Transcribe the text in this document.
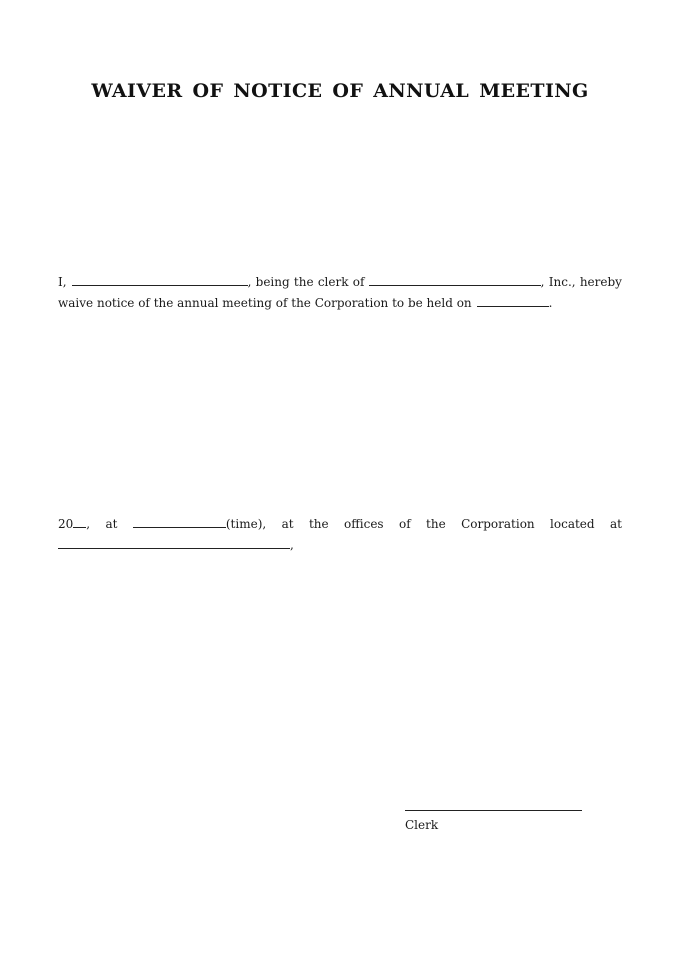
WAIVER OF NOTICE OF ANNUAL MEETING
I,	, being the clerk of	, Inc., hereby
waive notice of the annual meeting of the Corporation to be held on	.
20 , at	(time), at the offices of the Corporation located at
,
Clerk
